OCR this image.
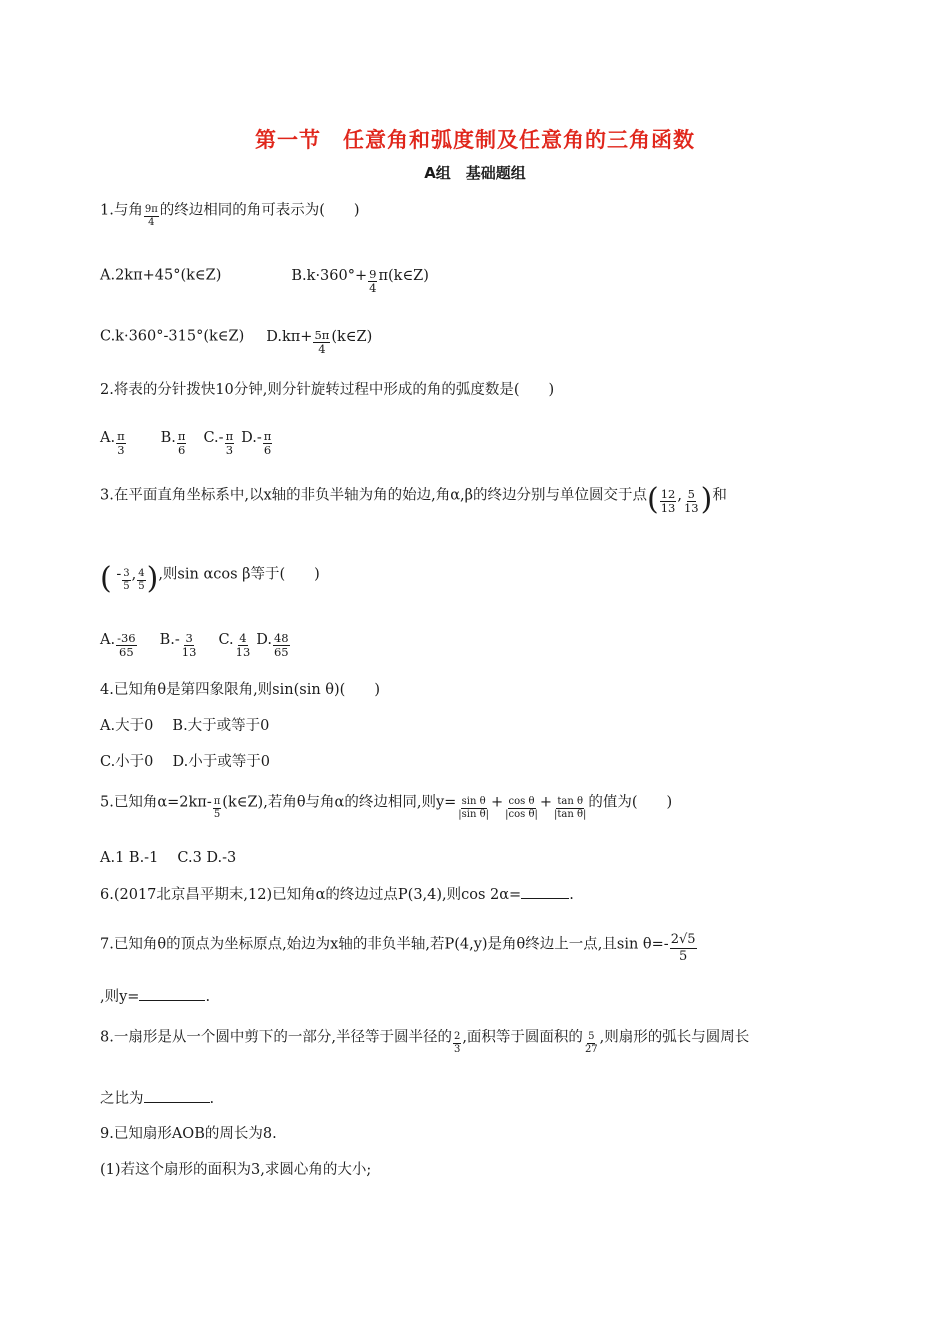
第一节　任意角和弧度制及任意角的三角函数
A组　基础题组
1.与角 $\frac{9\pi}{4}$ 的终边相同的角可表示为(　　)
A.2kπ+45°(k∈Z)	$B.k\cdot 360^\circ+ \frac{9}{4}$ π(k∈Z)
C.k·360°-315°(k∈Z) $D.k\pi+ \frac{5\pi}{4}$ (k∈Z)
2.将表的分针拨快10分钟,则分针旋转过程中形成的角的弧度数是(　　)
A. $\frac{\pi}{3} B$. $\frac{\pi}{6} C.- \frac{\pi}{3} D.- \frac{\pi}{6}$
3.在平面直角坐标系中,以x轴的非负半轴为角的始边,角α,β的终边分别与单位圆交于点( $\frac{12}{13}$ , $\frac{5}{13}$ )和
( - $\frac{3}{5}$ , $\frac{4}{5}$ ),则sin αcos β等于(　　)
A. $\frac{-36}{65} B.- \frac{3}{13} C$. $\frac{4}{13} D$. $\frac{48}{65}$
4.已知角θ是第四象限角,则sin(sin θ)(　　)
A.大于0　 B.大于或等于0
C.小于0　 D.小于或等于0
5.已知角$\alpha=2k\pi- \frac{\pi}{5}$ (k∈Z),若角θ与角α的终边相同,则$y= \frac{\text{sin θ}}{\text{|sin θ|}} + \frac{\text{cos θ}}{\text{|cos θ|}} + \frac{\text{tan θ}}{\text{|tan θ|}}$ 的值为(　　)
A.1 B.-1　 C.3 D.-3
6.(2017北京昌平期末,12)已知角α的终边过点P(3,4),则cos 2α=	.
7.已知角θ的顶点为坐标原点,始边为x轴的非负半轴,若P(4,y)是角θ终边上一点,且$\sin \theta=- \frac{2√5}{5}$
,则y=	.
8.一扇形是从一个圆中剪下的一部分,半径等于圆半径的 $\frac{2}{3}$ ,面积等于圆面积的 $\frac{5}{27}$ ,则扇形的弧长与圆周长
之比为	.
9.已知扇形AOB的周长为8.
(1)若这个扇形的面积为3,求圆心角的大小;
